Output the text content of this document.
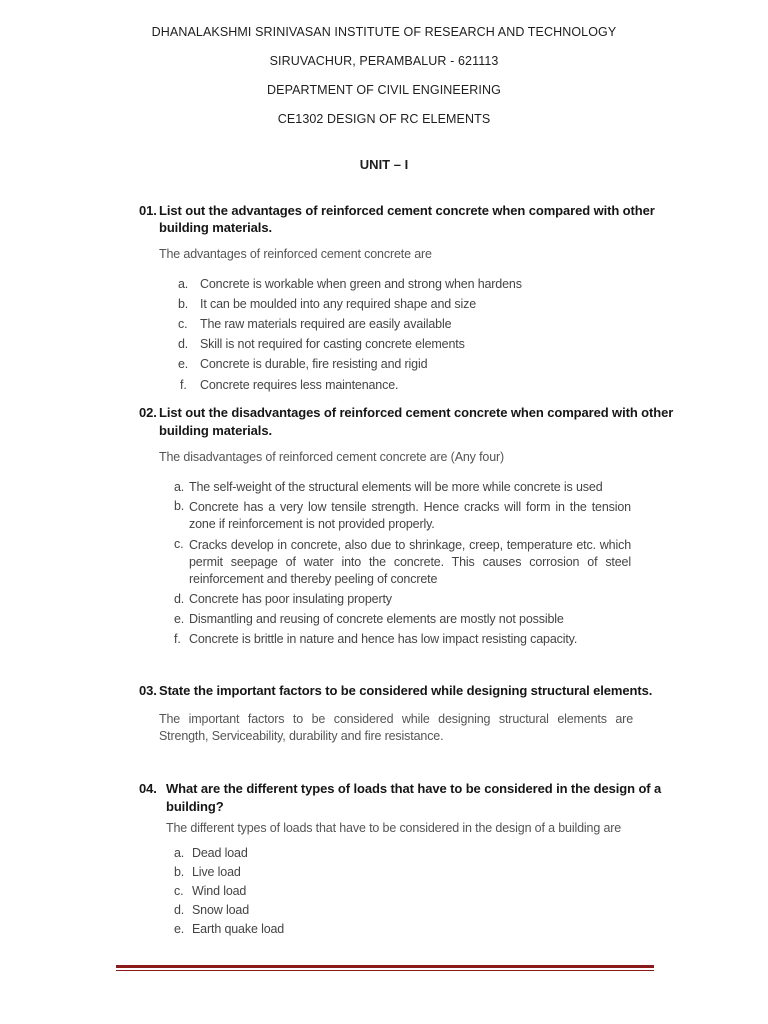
DHANALAKSHMI SRINIVASAN INSTITUTE OF RESEARCH AND TECHNOLOGY
SIRUVACHUR, PERAMBALUR - 621113
DEPARTMENT OF CIVIL ENGINEERING
CE1302 DESIGN OF RC ELEMENTS
UNIT – I
01. List out the advantages of reinforced cement concrete when compared with other
building materials.
The advantages of reinforced cement concrete are
a. Concrete is workable when green and strong when hardens
b. It can be moulded into any required shape and size
c. The raw materials required are easily available
d. Skill is not required for casting concrete elements
e. Concrete is durable, fire resisting and rigid
f. Concrete requires less maintenance.
02. List out the disadvantages of reinforced cement concrete when compared with other
building materials.
The disadvantages of reinforced cement concrete are (Any four)
a. The self-weight of the structural elements will be more while concrete is used
b. Concrete has a very low tensile strength. Hence cracks will form in the tension zone if reinforcement is not provided properly.
c. Cracks develop in concrete, also due to shrinkage, creep, temperature etc. which permit seepage of water into the concrete. This causes corrosion of steel reinforcement and thereby peeling of concrete
d. Concrete has poor insulating property
e. Dismantling and reusing of concrete elements are mostly not possible
f. Concrete is brittle in nature and hence has low impact resisting capacity.
03. State the important factors to be considered while designing structural elements.
The important factors to be considered while designing structural elements are Strength, Serviceability, durability and fire resistance.
04. What are the different types of loads that have to be considered in the design of a
building?
The different types of loads that have to be considered in the design of a building are
a. Dead load
b. Live load
c. Wind load
d. Snow load
e. Earth quake load
